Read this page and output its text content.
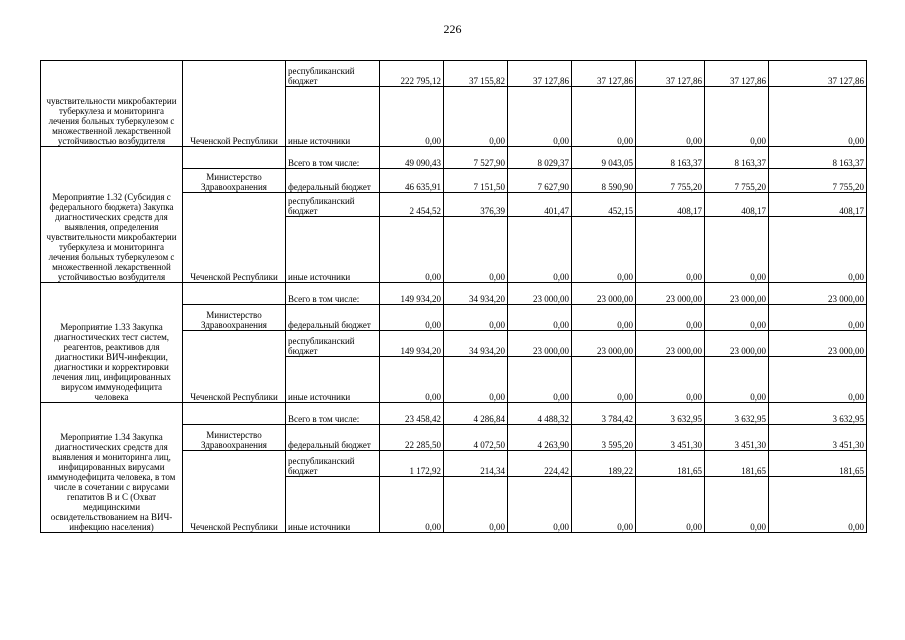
226
чувствительности микробактерии туберкулеза и мониторинга лечения больных туберкулезом с множественной лекарственной устойчивостью возбудителя	Чеченской Республики	республиканский бюджет	222 795,12	37 155,82	37 127,86	37 127,86	37 127,86	37 127,86	37 127,86
		иные источники	0,00	0,00	0,00	0,00	0,00	0,00	0,00
Мероприятие 1.32 (Субсидия с федерального бюджета) Закупка диагностических средств для выявления, определения чувствительности микробактерии туберкулеза и мониторинга лечения больных туберкулезом с множественной лекарственной устойчивостью возбудителя		Всего в том числе:	49 090,43	7 527,90	8 029,37	9 043,05	8 163,37	8 163,37	8 163,37
	Министерство Здравоохранения	федеральный бюджет	46 635,91	7 151,50	7 627,90	8 590,90	7 755,20	7 755,20	7 755,20
	Чеченской Республики	республиканский бюджет	2 454,52	376,39	401,47	452,15	408,17	408,17	408,17
		иные источники	0,00	0,00	0,00	0,00	0,00	0,00	0,00
Мероприятие 1.33 Закупка диагностических тест систем, реагентов, реактивов для диагностики ВИЧ-инфекции, диагностики и корректировки лечения лиц, инфицированных вирусом иммунодефицита человека		Всего в том числе:	149 934,20	34 934,20	23 000,00	23 000,00	23 000,00	23 000,00	23 000,00
	Министерство Здравоохранения	федеральный бюджет	0,00	0,00	0,00	0,00	0,00	0,00	0,00
	Чеченской Республики	республиканский бюджет	149 934,20	34 934,20	23 000,00	23 000,00	23 000,00	23 000,00	23 000,00
		иные источники	0,00	0,00	0,00	0,00	0,00	0,00	0,00
Мероприятие 1.34 Закупка диагностических средств для выявления и мониторинга лиц, инфицированных вирусами иммунодефицита человека, в том числе в сочетании с вирусами гепатитов B и C (Охват медицинскими освидетельствованием на ВИЧ-инфекцию населения)		Всего в том числе:	23 458,42	4 286,84	4 488,32	3 784,42	3 632,95	3 632,95	3 632,95
	Министерство Здравоохранения	федеральный бюджет	22 285,50	4 072,50	4 263,90	3 595,20	3 451,30	3 451,30	3 451,30
	Чеченской Республики	республиканский бюджет	1 172,92	214,34	224,42	189,22	181,65	181,65	181,65
		иные источники	0,00	0,00	0,00	0,00	0,00	0,00	0,00
